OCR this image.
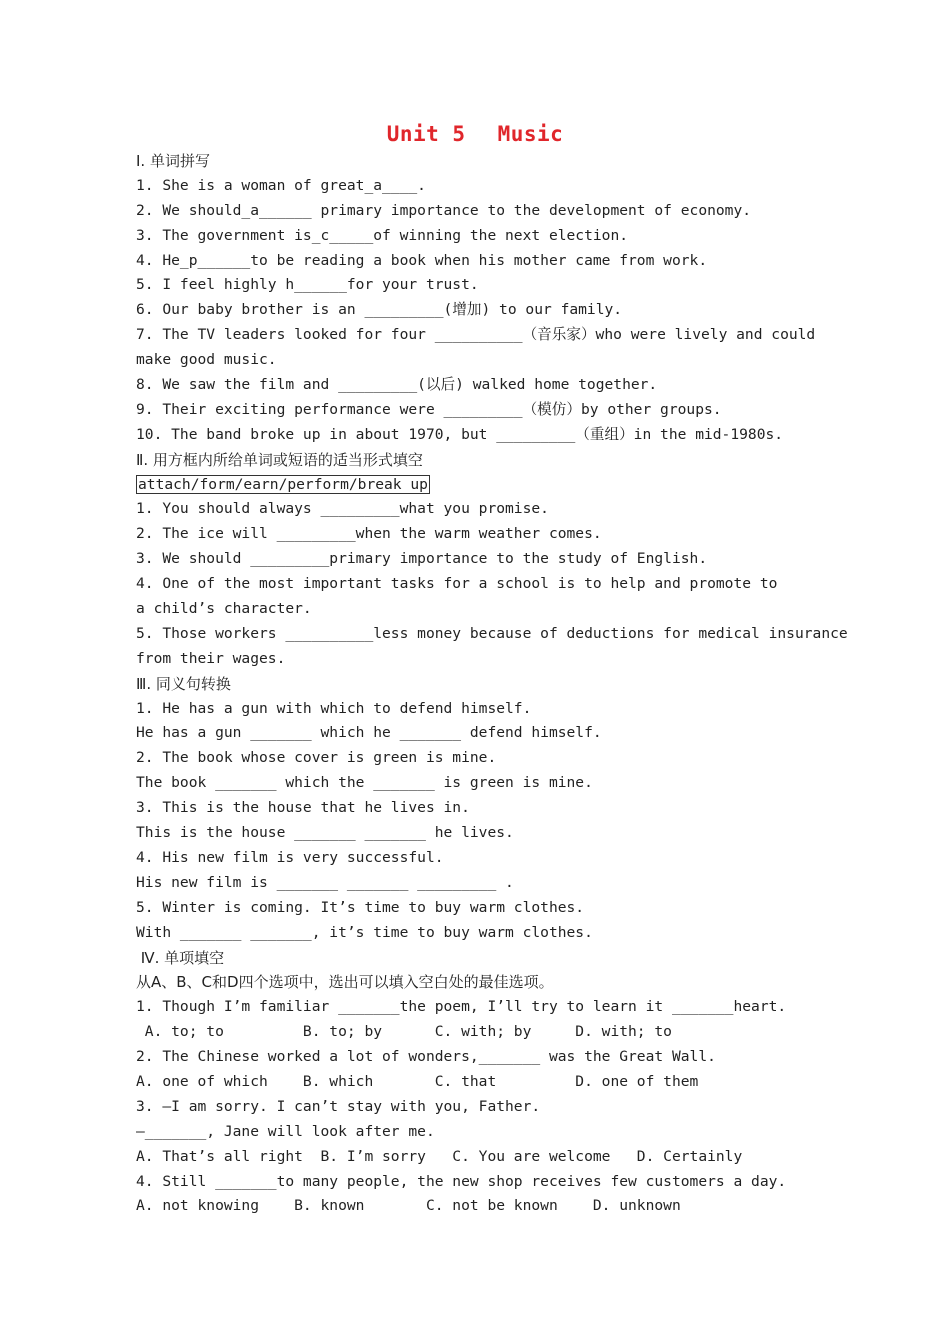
Unit 5 Music
Ⅰ. 单词拼写
1. She is a woman of great_a____.
2. We should_a______ primary importance to the development of economy.
3. The government is_c_____of winning the next election.
4. He_p______to be reading a book when his mother came from work.
5. I feel highly h______for your trust.
6. Our baby brother is an _________(增加) to our family.
7. The TV leaders looked for four __________（音乐家）who were lively and could
make good music.
8. We saw the film and _________(以后) walked home together.
9. Their exciting performance were _________（模仿）by other groups.
10. The band broke up in about 1970, but _________（重组）in the mid-1980s.
Ⅱ. 用方框内所给单词或短语的适当形式填空
attach/form/earn/perform/break up
1. You should always _________what you promise.
2. The ice will _________when the warm weather comes.
3. We should _________primary importance to the study of English.
4. One of the most important tasks for a school is to help and promote to
a child’s character.
5. Those workers __________less money because of deductions for medical insurance
from their wages.
Ⅲ. 同义句转换
1. He has a gun with which to defend himself.
He has a gun _______ which he _______ defend himself.
2. The book whose cover is green is mine.
The book _______ which the _______ is green is mine.
3. This is the house that he lives in.
This is the house _______ _______ he lives.
4. His new film is very successful.
His new film is _______ _______ _________ .
5. Winter is coming. It’s time to buy warm clothes.
With _______ _______, it’s time to buy warm clothes.
Ⅳ. 单项填空
从A、B、C和D四个选项中，选出可以填入空白处的最佳选项。
1. Though I’m familiar _______the poem, I’ll try to learn it _______heart.
A. to; to         B. to; by      C. with; by     D. with; to
2. The Chinese worked a lot of wonders,_______ was the Great Wall.
A. one of which    B. which       C. that         D. one of them
3. —I am sorry. I can’t stay with you, Father.
—_______, Jane will look after me.
A. That’s all right  B. I’m sorry   C. You are welcome   D. Certainly
4. Still _______to many people, the new shop receives few customers a day.
A. not knowing    B. known       C. not be known    D. unknown
